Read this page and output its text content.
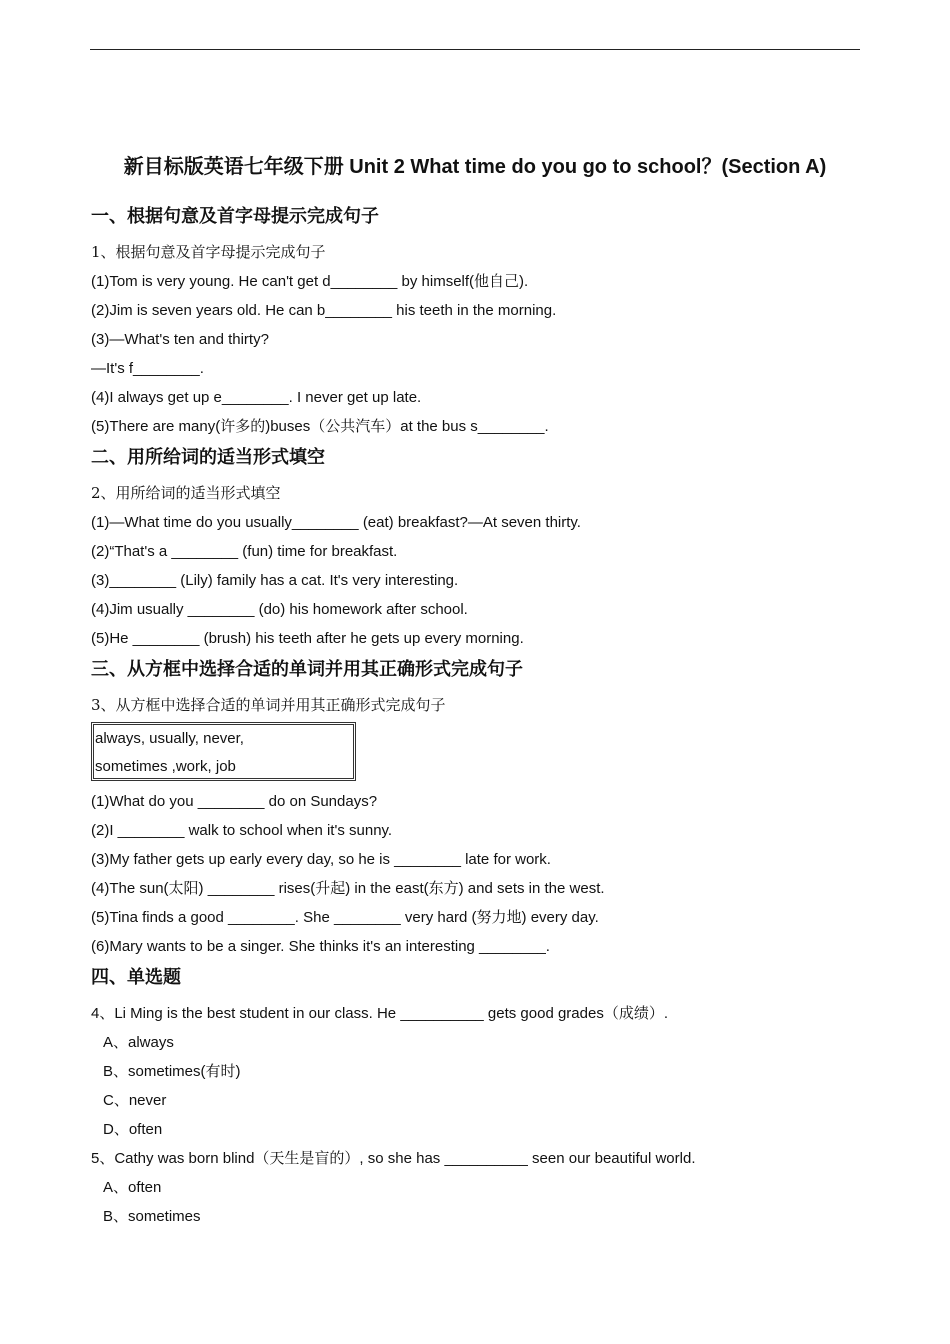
新目标版英语七年级下册 Unit 2 What time do you go to school？(Section A)
一、根据句意及首字母提示完成句子
1、根据句意及首字母提示完成句子
(1)Tom is very young. He can't get d________ by himself(他自己).
(2)Jim is seven years old. He can b________ his teeth in the morning.
(3)—What's ten and thirty?
—It's f________.
(4)I always get up e________. I never get up late.
(5)There are many(许多的)buses（公共汽车）at the bus s________.
二、用所给词的适当形式填空
2、用所给词的适当形式填空
(1)—What time do you usually________ (eat) breakfast?—At seven thirty.
(2)“That's a ________ (fun) time for breakfast.
(3)________ (Lily) family has a cat. It's very interesting.
(4)Jim usually ________ (do) his homework after school.
(5)He ________ (brush) his teeth after he gets up every morning.
三、从方框中选择合适的单词并用其正确形式完成句子
3、从方框中选择合适的单词并用其正确形式完成句子
always, usually, never,
sometimes ,work, job
(1)What do you ________ do on Sundays?
(2)I ________ walk to school when it's sunny.
(3)My father gets up early every day, so he is ________ late for work.
(4)The sun(太阳) ________ rises(升起) in the east(东方) and sets in the west.
(5)Tina finds a good ________. She ________ very hard (努力地) every day.
(6)Mary wants to be a singer. She thinks it's an interesting ________.
四、单选题
4、Li Ming is the best student in our class. He __________ gets good grades（成绩）.
A、always
B、sometimes(有时)
C、never
D、often
5、Cathy was born blind（天生是盲的）, so she has __________ seen our beautiful world.
A、often
B、sometimes
